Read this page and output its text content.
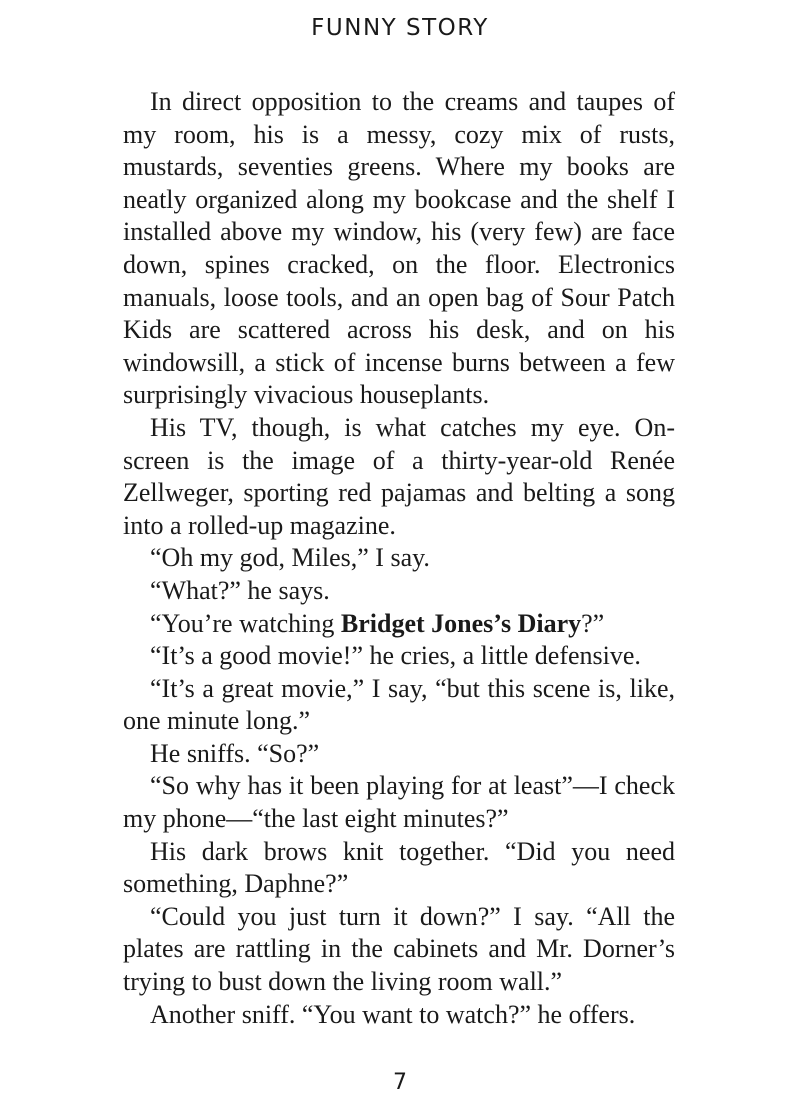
FUNNY STORY

In direct opposition to the creams and taupes of my room, his is a messy, cozy mix of rusts, mustards, seventies greens. Where my books are neatly organized along my bookcase and the shelf I installed above my window, his (very few) are face down, spines cracked, on the floor. Electronics manuals, loose tools, and an open bag of Sour Patch Kids are scattered across his desk, and on his windowsill, a stick of incense burns between a few surprisingly vivacious houseplants.

His TV, though, is what catches my eye. On-screen is the image of a thirty-year-old Renée Zellweger, sporting red pajamas and belting a song into a rolled-up magazine.

“Oh my god, Miles,” I say.

“What?” he says.

“You’re watching Bridget Jones’s Diary?”

“It’s a good movie!” he cries, a little defensive.

“It’s a great movie,” I say, “but this scene is, like, one minute long.”

He sniffs. “So?”

“So why has it been playing for at least”—I check my phone—“the last eight minutes?”

His dark brows knit together. “Did you need something, Daphne?”

“Could you just turn it down?” I say. “All the plates are rattling in the cabinets and Mr. Dorner’s trying to bust down the living room wall.”

Another sniff. “You want to watch?” he offers.

7
